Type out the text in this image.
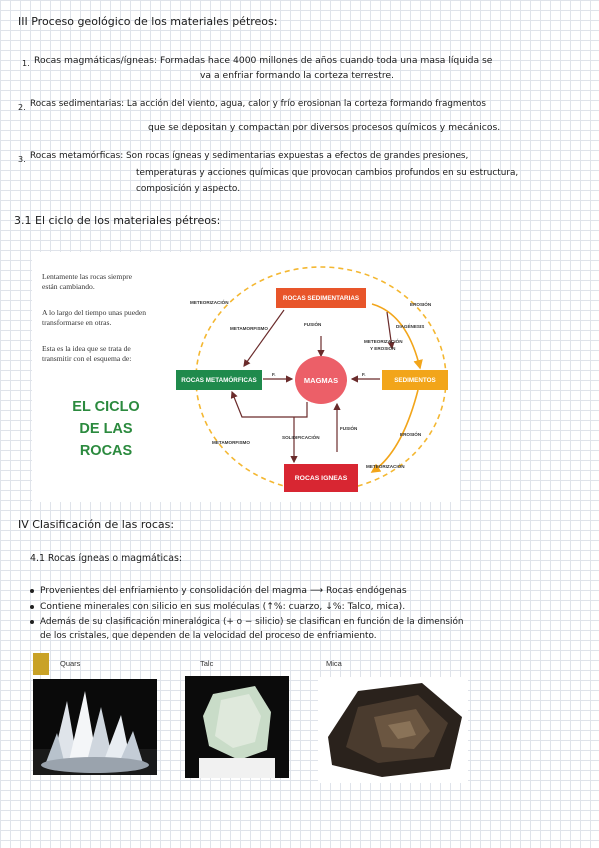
III Proceso geológico de los materiales pétreos:
1. Rocas magmáticas/ígneas: Formadas hace 4000 millones de años cuando toda una masa líquida se
va a enfriar formando la corteza terrestre.
2. Rocas sedimentarias: La acción del viento, agua, calor y frío erosionan la corteza formando fragmentos
que se depositan y compactan por diversos procesos químicos y mecánicos.
3. Rocas metamórficas: Son rocas ígneas y sedimentarias expuestas a efectos de grandes presiones,
temperaturas y acciones químicas que provocan cambios profundos en su estructura,
composición y aspecto.
3.1 El ciclo de los materiales pétreos:
Lentamente las rocas siempre
están cambiando.
A lo largo del tiempo unas pueden
transformarse en otras.
Esta es la idea que se trata de
transmitir con el esquema de:
EL CICLO
DE LAS
ROCAS
ROCAS SEDIMENTARIAS
ROCAS METAMÓRFICAS	MAGMAS	SEDIMENTOS
ROCAS IGNEAS
METEORIZACIÓN	EROSIÓN
METAMORFISMO
FUSIÓN	DIAGÉNESIS
METEORIZACIÓN
Y EROSIÓN
F.	F.
METAMORFISMO
SOLIDIFICACIÓN
FUSIÓN
EROSIÓN
METEORIZACIÓN
IV Clasificación de las rocas:
4.1 Rocas ígneas o magmáticas:
Provenientes del enfriamiento y consolidación del magma ⟶ Rocas endógenas
Contiene minerales con silicio en sus moléculas (↑%: cuarzo, ↓%: Talco, mica).
Además de su clasificación mineralógica (+ o − silicio) se clasifican en función de la dimensión
de los cristales, que dependen de la velocidad del proceso de enfriamiento.
Quars	Talc	Mica
